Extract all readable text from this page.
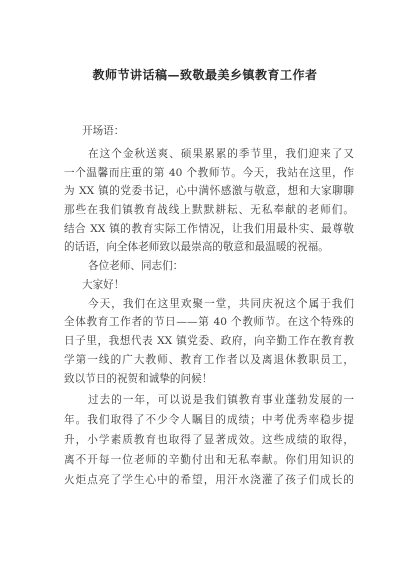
教师节讲话稿—致敬最美乡镇教育工作者
开场语：
在这个金秋送爽、硕果累累的季节里，我们迎来了又
一个温馨而庄重的第 40 个教师节。今天，我站在这里，作
为 XX 镇的党委书记，心中满怀感激与敬意，想和大家聊聊
那些在我们镇教育战线上默默耕耘、无私奉献的老师们。
结合 XX 镇的教育实际工作情况，让我们用最朴实、最尊敬
的话语，向全体老师致以最崇高的敬意和最温暖的祝福。
各位老师、同志们：
大家好！
今天，我们在这里欢聚一堂，共同庆祝这个属于我们
全体教育工作者的节日——第 40 个教师节。在这个特殊的
日子里，我想代表 XX 镇党委、政府，向辛勤工作在教育教
学第一线的广大教师、教育工作者以及离退休教职员工，
致以节日的祝贺和诚挚的问候！
过去的一年，可以说是我们镇教育事业蓬勃发展的一
年。我们取得了不少令人瞩目的成绩；中考优秀率稳步提
升，小学素质教育也取得了显著成效。这些成绩的取得，
离不开每一位老师的辛勤付出和无私奉献。你们用知识的
火炬点亮了学生心中的希望，用汗水浇灌了孩子们成长的
